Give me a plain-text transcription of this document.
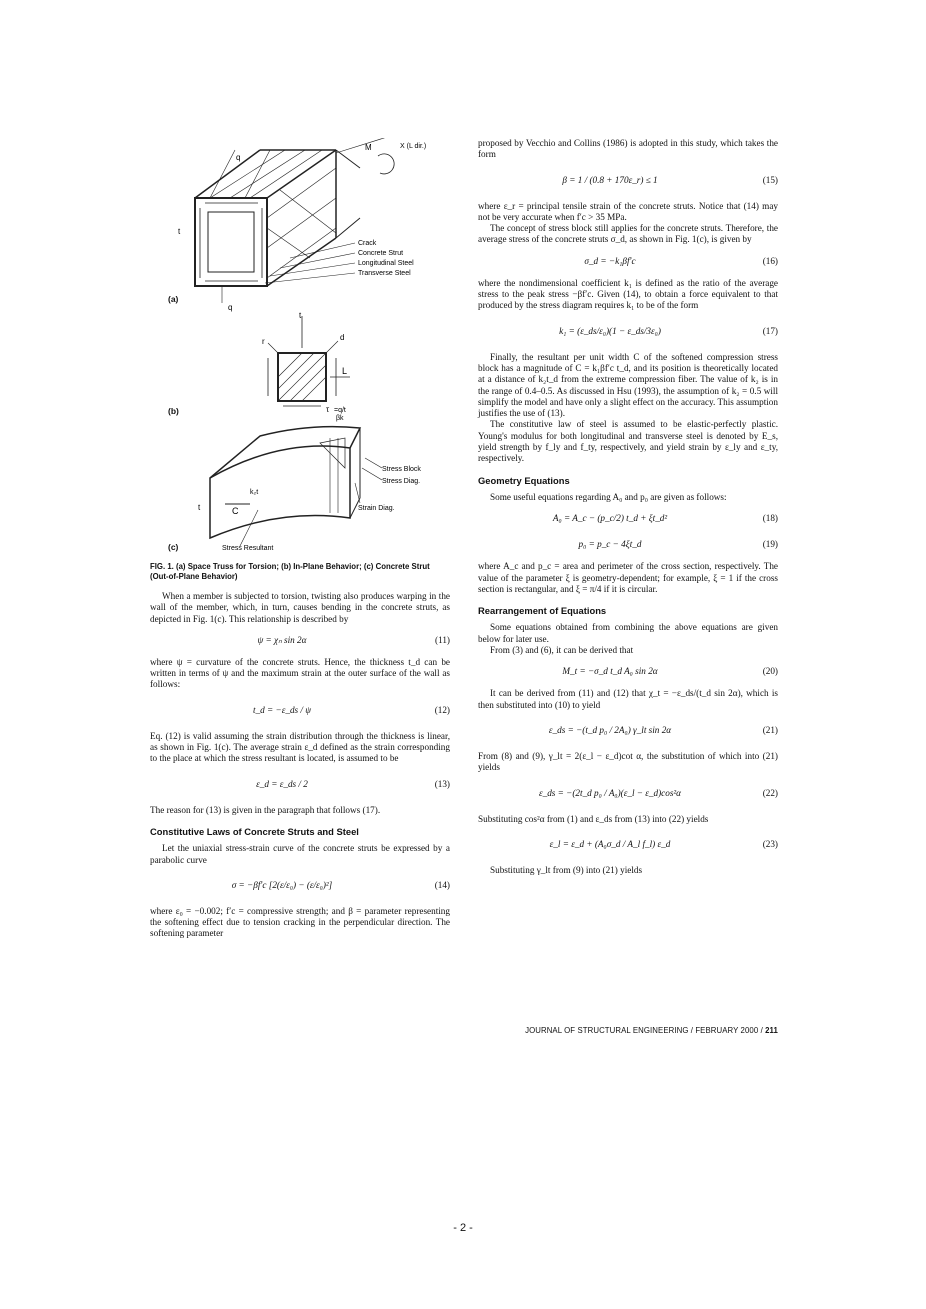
M	X (L dir.)
q
q
t
Crack
Concrete Strut
Longitudinal Steel
Transverse Steel
t
r	d
L
τ =q/t
βk
Stress Block
Stress Diag.
Strain Diag.
Stress Resultant
C
k₂t
t
(a)
(b)
(c)
FIG. 1. (a) Space Truss for Torsion; (b) In-Plane Behavior; (c) Concrete Strut (Out-of-Plane Behavior)

When a member is subjected to torsion, twisting also produces warping in the wall of the member, which, in turn, causes bending in the concrete struts, as depicted in Fig. 1(c). This relationship is described by

ψ = χₙ sin 2α	(11)

where ψ = curvature of the concrete struts. Hence, the thickness t_d can be written in terms of ψ and the maximum strain at the outer surface of the wall as follows:

t_d = −ε_ds / ψ	(12)

Eq. (12) is valid assuming the strain distribution through the thickness is linear, as shown in Fig. 1(c). The average strain ε_d defined as the strain corresponding to the place at which the stress resultant is located, is assumed to be

ε_d = ε_ds / 2	(13)

The reason for (13) is given in the paragraph that follows (17).

Constitutive Laws of Concrete Struts and Steel

Let the uniaxial stress-strain curve of the concrete struts be expressed by a parabolic curve

σ = −βf′c [2(ε/ε₀) − (ε/ε₀)²]	(14)

where ε₀ = −0.002; f′c = compressive strength; and β = parameter representing the softening effect due to tension cracking in the perpendicular direction. The softening parameter

proposed by Vecchio and Collins (1986) is adopted in this study, which takes the form

β = 1 / (0.8 + 170ε_r) ≤ 1	(15)

where ε_r = principal tensile strain of the concrete struts. Notice that (14) may not be very accurate when f′c > 35 MPa.

The concept of stress block still applies for the concrete struts. Therefore, the average stress of the concrete struts σ_d, as shown in Fig. 1(c), is given by

σ_d = −k₁βf′c	(16)

where the nondimensional coefficient k₁ is defined as the ratio of the average stress to the peak stress −βf′c. Given (14), to obtain a force equivalent to that produced by the stress diagram requires k₁ to be of the form

k₁ = (ε_ds/ε₀)(1 − ε_ds/3ε₀)	(17)

Finally, the resultant per unit width C of the softened compression stress block has a magnitude of C = k₁βf′c t_d, and its position is theoretically located at a distance of k₂t_d from the extreme compression fiber. The value of k₂ is in the range of 0.4–0.5. As discussed in Hsu (1993), the assumption of k₂ = 0.5 will simplify the model and have only a slight effect on the accuracy. This assumption justifies the use of (13).

The constitutive law of steel is assumed to be elastic-perfectly plastic. Young's modulus for both longitudinal and transverse steel is denoted by E_s, yield strength by f_ly and f_ty, respectively, and yield strain by ε_ly and ε_ty, respectively.

Geometry Equations

Some useful equations regarding A₀ and p₀ are given as follows:

A₀ = A_c − (p_c/2) t_d + ξt_d²	(18)
p₀ = p_c − 4ξt_d	(19)

where A_c and p_c = area and perimeter of the cross section, respectively. The value of the parameter ξ is geometry-dependent; for example, ξ = 1 if the cross section is rectangular, and ξ = π/4 if it is circular.

Rearrangement of Equations

Some equations obtained from combining the above equations are given below for later use.

From (3) and (6), it can be derived that

M_t = −σ_d t_d A₀ sin 2α	(20)

It can be derived from (11) and (12) that χ_t = −ε_ds/(t_d sin 2α), which is then substituted into (10) to yield

ε_ds = −(t_d p₀ / 2A₀) γ_lt sin 2α	(21)

From (8) and (9), γ_lt = 2(ε_l − ε_d)cot α, the substitution of which into (21) yields

ε_ds = −(2t_d p₀ / A₀)(ε_l − ε_d)cos²α	(22)

Substituting cos²α from (1) and ε_ds from (13) into (22) yields

ε_l = ε_d + (A₀σ_d / A_l f_l) ε_d	(23)

Substituting γ_lt from (9) into (21) yields

JOURNAL OF STRUCTURAL ENGINEERING / FEBRUARY 2000 / 211
- 2 -
